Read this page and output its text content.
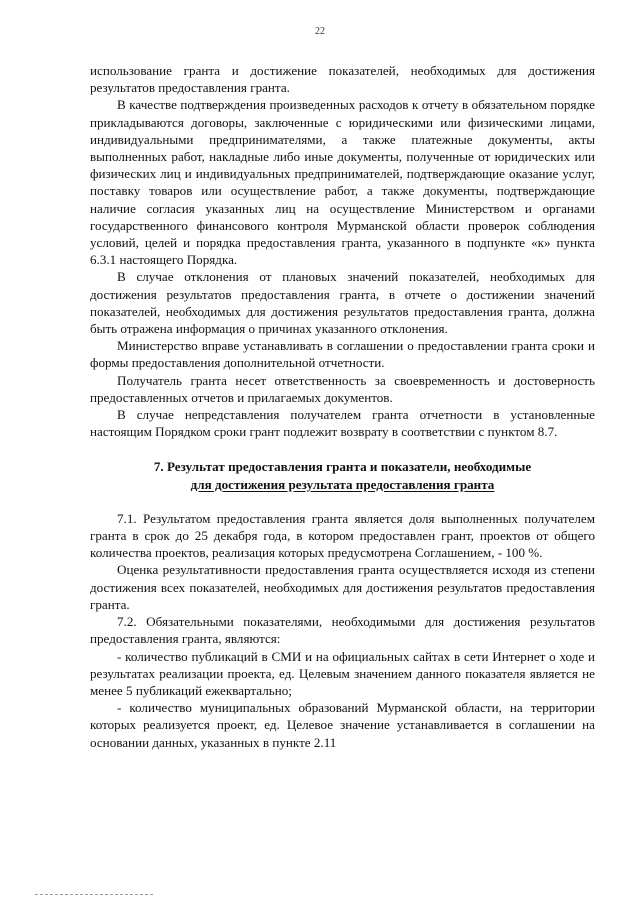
22

использование гранта и достижение показателей, необходимых для достижения результатов предоставления гранта.

В качестве подтверждения произведенных расходов к отчету в обязательном порядке прикладываются договоры, заключенные с юридическими или физическими лицами, индивидуальными предпринимателями, а также платежные документы, акты выполненных работ, накладные либо иные документы, полученные от юридических или физических лиц и индивидуальных предпринимателей, подтверждающие оказание услуг, поставку товаров или осуществление работ, а также документы, подтверждающие наличие согласия указанных лиц на осуществление Министерством и органами государственного финансового контроля Мурманской области проверок соблюдения условий, целей и порядка предоставления гранта, указанного в подпункте «к» пункта 6.3.1 настоящего Порядка.

В случае отклонения от плановых значений показателей, необходимых для достижения результатов предоставления гранта, в отчете о достижении значений показателей, необходимых для достижения результатов предоставления гранта, должна быть отражена информация о причинах указанного отклонения.

Министерство вправе устанавливать в соглашении о предоставлении гранта сроки и формы предоставления дополнительной отчетности.

Получатель гранта несет ответственность за своевременность и достоверность предоставленных отчетов и прилагаемых документов.

В случае непредставления получателем гранта отчетности в установленные настоящим Порядком сроки грант подлежит возврату в соответствии с пунктом 8.7.

7. Результат предоставления гранта и показатели, необходимые
для достижения результата предоставления гранта

7.1. Результатом предоставления гранта является доля выполненных получателем гранта в срок до 25 декабря года, в котором предоставлен грант, проектов от общего количества проектов, реализация которых предусмотрена Соглашением, - 100 %.

Оценка результативности предоставления гранта осуществляется исходя из степени достижения всех показателей, необходимых для достижения результатов предоставления гранта.

7.2. Обязательными показателями, необходимыми для достижения результатов предоставления гранта, являются:

- количество публикаций в СМИ и на официальных сайтах в сети Интернет о ходе и результатах реализации проекта, ед. Целевым значением данного показателя является не менее 5 публикаций ежеквартально;

- количество муниципальных образований Мурманской области, на территории которых реализуется проект, ед. Целевое значение устанавливается в соглашении на основании данных, указанных в пункте 2.11
